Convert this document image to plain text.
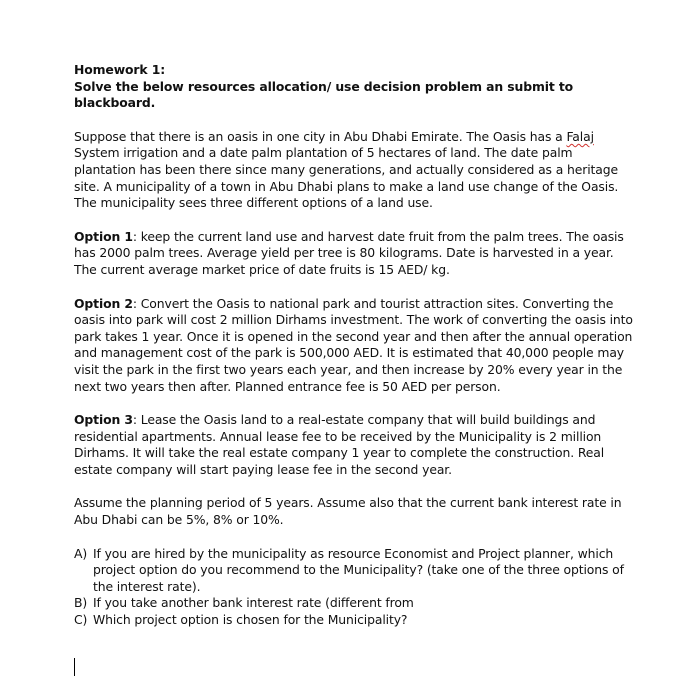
Homework 1:

Solve the below resources allocation/ use decision problem an submit to blackboard.

Suppose that there is an oasis in one city in Abu Dhabi Emirate. The Oasis has a Falaj System irrigation and a date palm plantation of 5 hectares of land. The date palm plantation has been there since many generations, and actually considered as a heritage site. A municipality of a town in Abu Dhabi plans to make a land use change of the Oasis. The municipality sees three different options of a land use.

Option 1: keep the current land use and harvest date fruit from the palm trees. The oasis has 2000 palm trees. Average yield per tree is 80 kilograms. Date is harvested in a year. The current average market price of date fruits is 15 AED/ kg.

Option 2: Convert the Oasis to national park and tourist attraction sites. Converting the oasis into park will cost 2 million Dirhams investment. The work of converting the oasis into park takes 1 year. Once it is opened in the second year and then after the annual operation and management cost of the park is 500,000 AED. It is estimated that 40,000 people may visit the park in the first two years each year, and then increase by 20% every year in the next two years then after. Planned entrance fee is 50 AED per person.

Option 3: Lease the Oasis land to a real-estate company that will build buildings and residential apartments. Annual lease fee to be received by the Municipality is 2 million Dirhams. It will take the real estate company 1 year to complete the construction. Real estate company will start paying lease fee in the second year.

Assume the planning period of 5 years. Assume also that the current bank interest rate in Abu Dhabi can be 5%, 8% or 10%.

A) If you are hired by the municipality as resource Economist and Project planner, which project option do you recommend to the Municipality? (take one of the three options of the interest rate).
B) If you take another bank interest rate (different from
C) Which project option is chosen for the Municipality?
